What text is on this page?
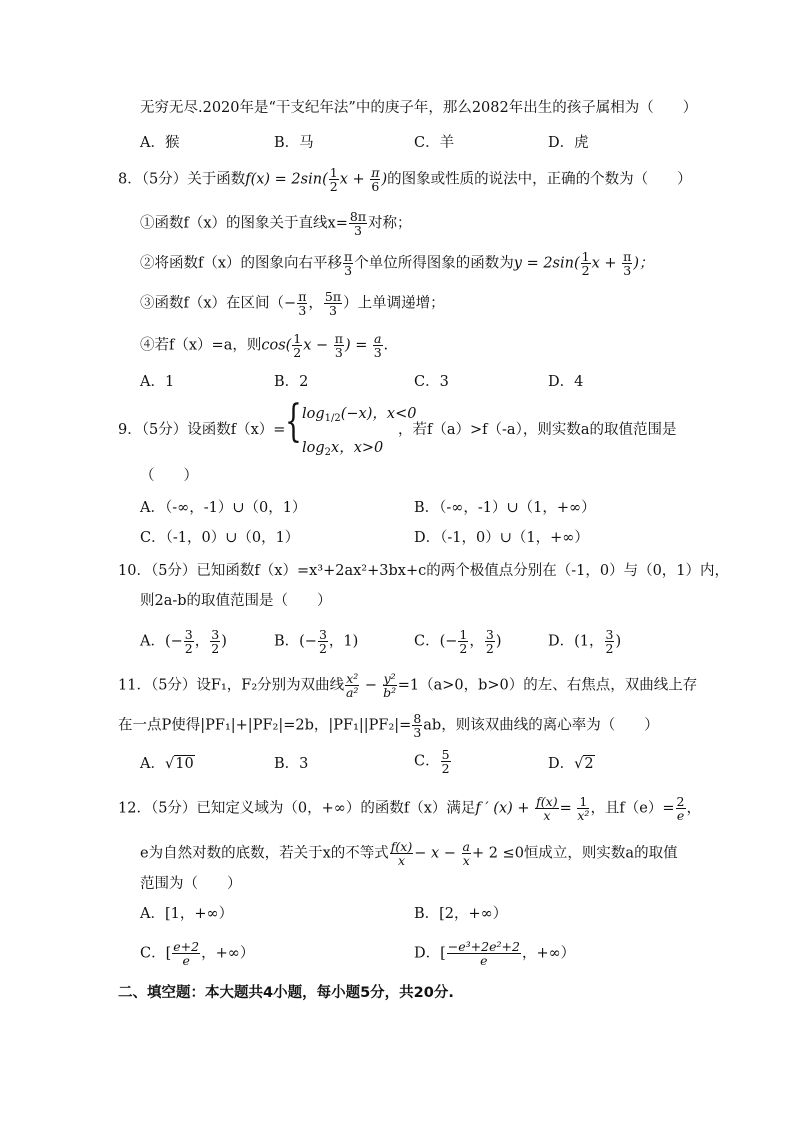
无穷无尽.2020年是“干支纪年法”中的庚子年，那么2082年出生的孩子属相为（　　）
A．猴	B．马	C．羊	D．虎
8．（5分）关于函数$f(x) = 2\sin( \frac{1}{2}$ $x + \frac{\pi}{6}$ )的图象或性质的说法中，正确的个数为（　　）
①函数f（x）的图象关于直线$x= \frac{8\pi}{3}$ 对称；
②将函数f（x）的图象向右平移 $\frac{\pi}{3}$ 个单位所得图象的函数为$y = 2\sin( \frac{1}{2}$ $x + \frac{\pi}{3}$ )；
③函数f（x）在区间（− $\frac{\pi}{3}$ ， $\frac{5\pi}{3}$ ）上单调递增；
④若f（x）=a，则$\cos( \frac{1}{2}$ $x - \frac{\pi}{3}$ ) = $\frac{a}{3}$ .
A．1	B．2	C．3	D．4
9．（5分）设函数f（x）= { $\log_{1/2}(-x)$，x<0
$\log_2x$，x>0
，若f（a）>f（-a），则实数a的取值范围是
（　　）
A．（-∞，-1）∪（0，1）	B．（-∞，-1）∪（1，+∞）
C．（-1，0）∪（0，1）	D．（-1，0）∪（1，+∞）
10．（5分）已知函数f（x）=x³+2ax²+3bx+c的两个极值点分别在（-1，0）与（0，1）内，
则2a-b的取值范围是（　　）
A．(− $\frac{3}{2}$ ， $\frac{3}{2}$ )	B．(− $\frac{3}{2}$ ，1)	C．(− $\frac{1}{2}$ ， $\frac{3}{2}$ )	D．(1， $\frac{3}{2}$ )
11．（5分）设F₁，F₂分别为双曲线 $\frac{\text{x²}}{\text{a²}} - \frac{\text{y²}}{\text{b²}} =1(a>0$，b>0）的左、右焦点，双曲线上存
在一点P使得|PF₁|+|PF₂|=2b，$|PF_1||PF_2|= \frac{8}{3}$ ab，则该双曲线的离心率为（　　）
A．√10	B．3	C． $\frac{5}{2}$	D．√2
12．（5分）已知定义域为（0，+∞）的函数f（x）满足f ′ $(x) + \frac{f(x)}{x} = \frac{1}{\text{x²}}$ ，且$f(e)= \frac{2}{e}$ ，
e为自然对数的底数，若关于x的不等式 $\frac{f(x)}{x} - x - \frac{a}{x} + 2 \le 0$恒成立，则实数a的取值
范围为（　　）
A．[1，+∞）	B．[2，+∞）
C．[ $\frac{e+2}{e}$ ，+∞）	D．[ $\frac{\text{−e³+2e²+2}}{e}$ ，+∞）
二、填空题：本大题共4小题，每小题5分，共20分.
